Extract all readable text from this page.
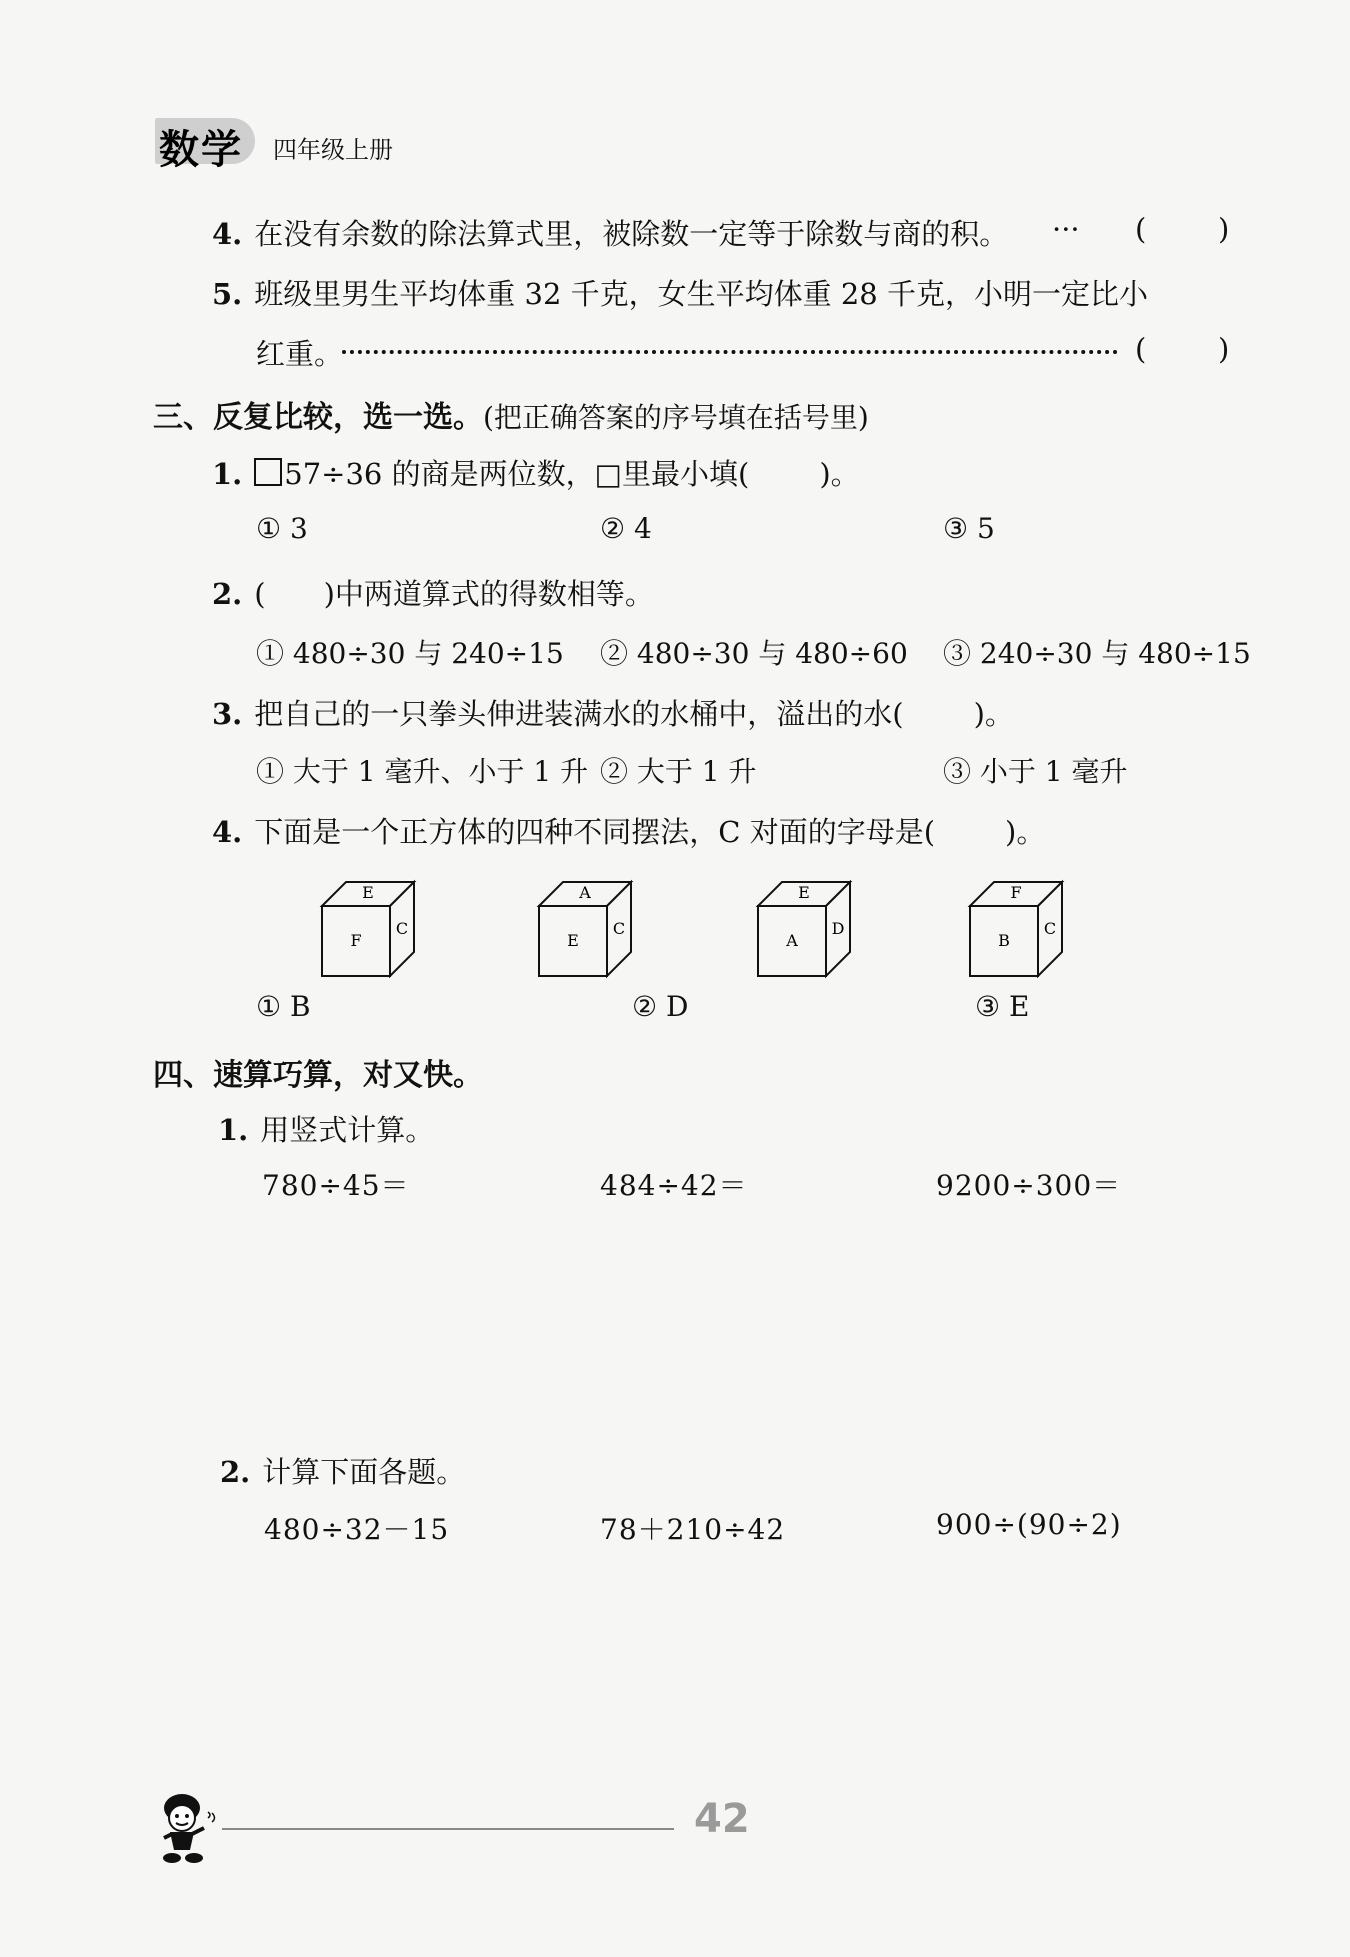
数学 四年级上册
4. 在没有余数的除法算式里，被除数一定等于除数与商的积。 ··· ( )
5. 班级里男生平均体重 32 千克，女生平均体重 28 千克，小明一定比小
红重。	( )
三、反复比较，选一选。(把正确答案的序号填在括号里)
1. 57÷36 的商是两位数，□里最小填( )。
① 3	② 4	③ 5
2. ( )中两道算式的得数相等。
① 480÷30 与 240÷15 ② 480÷30 与 480÷60 ③ 240÷30 与 480÷15
3. 把自己的一只拳头伸进装满水的水桶中，溢出的水( )。
① 大于 1 毫升、小于 1 升 ② 大于 1 升	③ 小于 1 毫升
4. 下面是一个正方体的四种不同摆法，C 对面的字母是( )。
E
F
C
A
E
C
E
A
D
F
B
C
① B	② D	③ E
四、速算巧算，对又快。
1. 用竖式计算。
780÷45＝	484÷42＝	9200÷300＝
2. 计算下面各题。
480÷32－15	78＋210÷42	900÷(90÷2)
42
